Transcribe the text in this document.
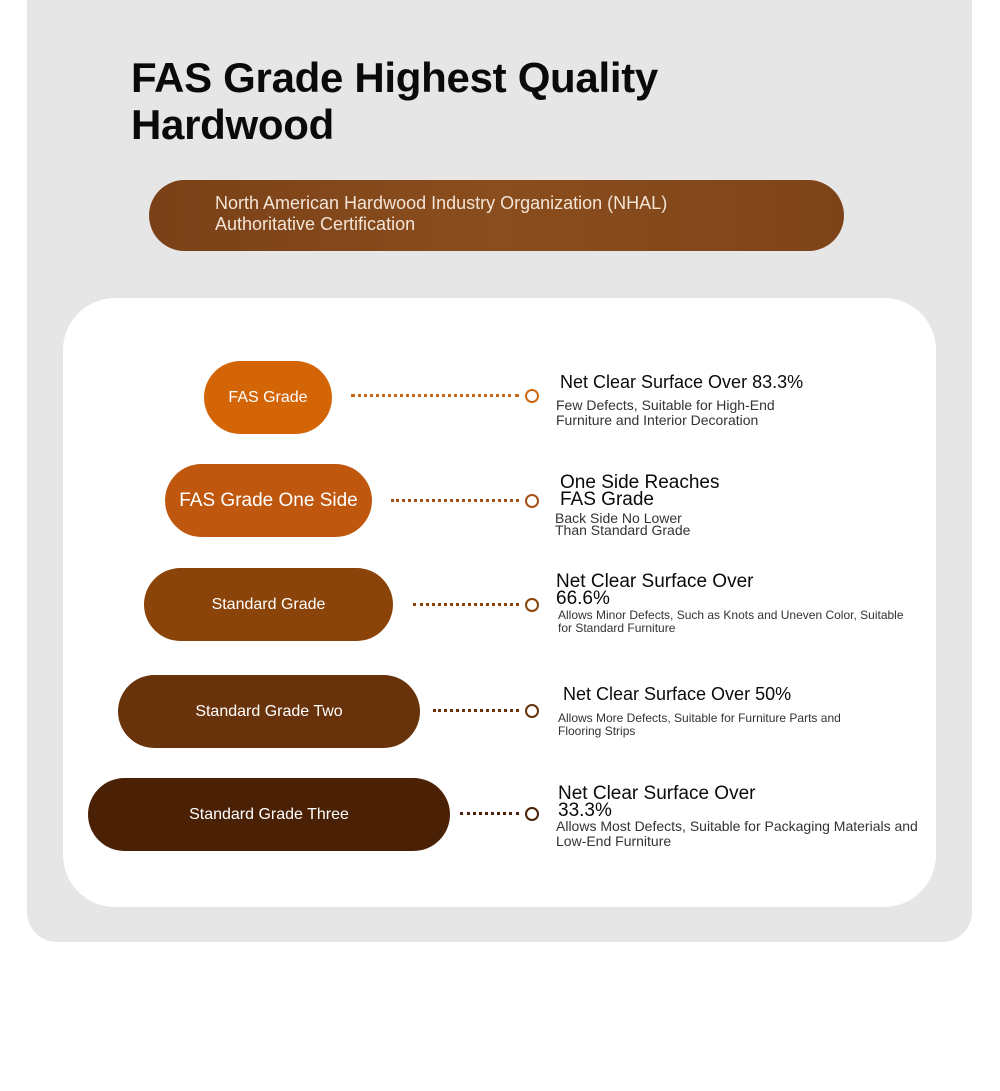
FAS Grade Highest Quality Hardwood
North American Hardwood Industry Organization (NHAL)
Authoritative Certification
FAS Grade
Net Clear Surface Over 83.3%
Few Defects, Suitable for High-End
Furniture and Interior Decoration
FAS Grade One Side
One Side Reaches
FAS Grade
Back Side No Lower
Than Standard Grade
Standard Grade
Net Clear Surface Over
66.6%
Allows Minor Defects, Such as Knots and Uneven Color, Suitable
for Standard Furniture
Standard Grade Two
Net Clear Surface Over 50%
Allows More Defects, Suitable for Furniture Parts and
Flooring Strips
Standard Grade Three
Net Clear Surface Over
33.3%
Allows Most Defects, Suitable for Packaging Materials and
Low-End Furniture
